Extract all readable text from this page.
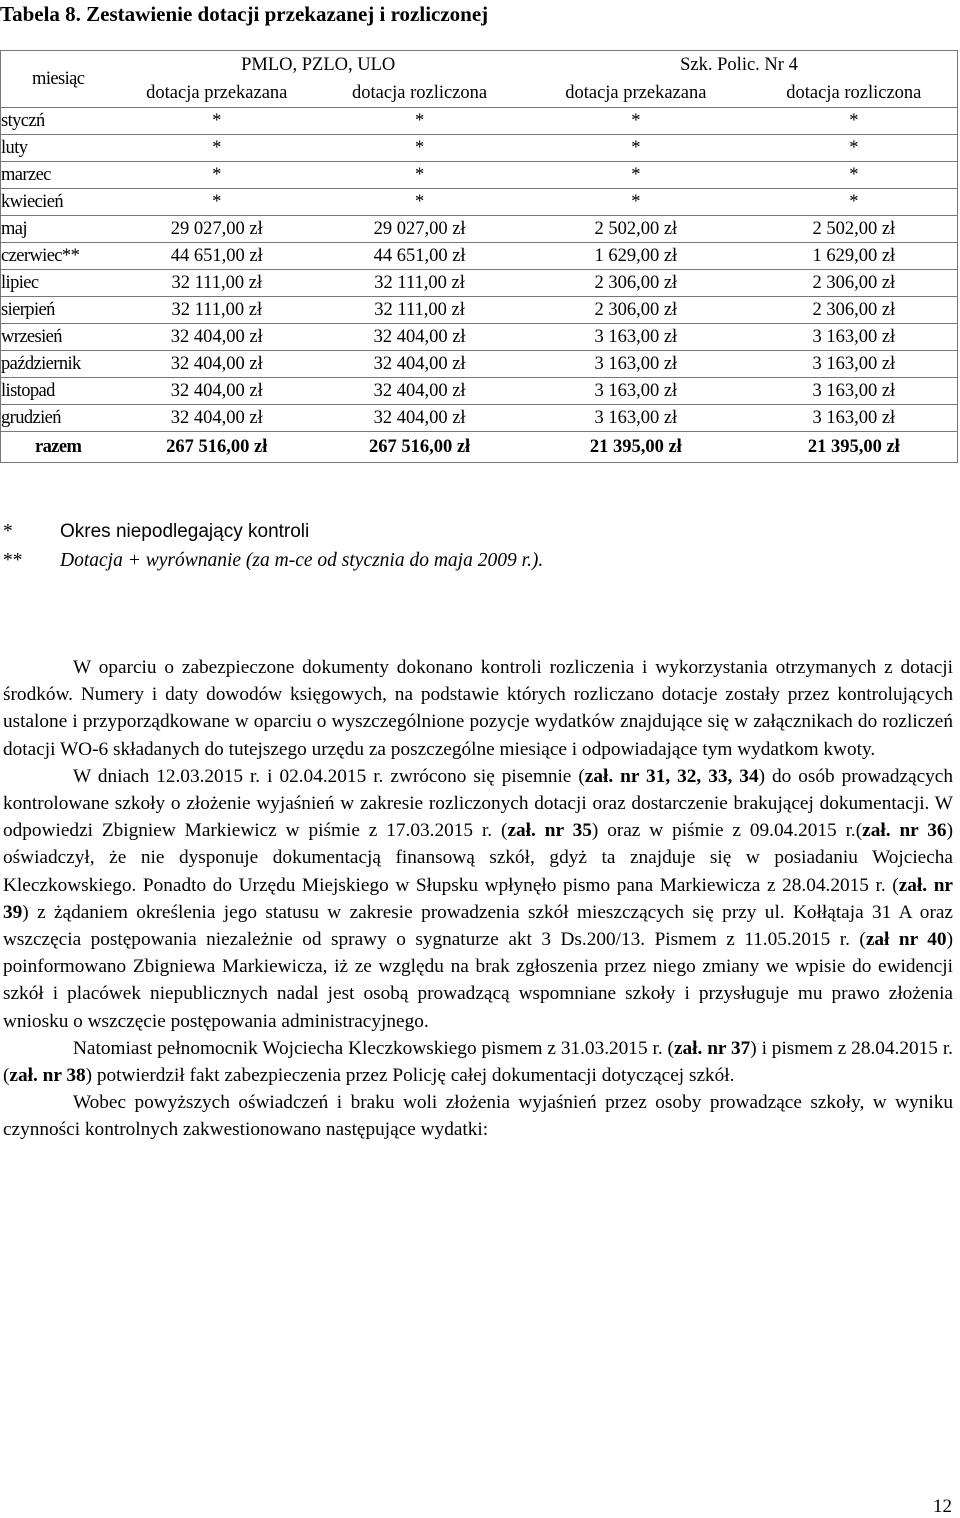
Tabela 8. Zestawienie dotacji przekazanej i rozliczonej
miesiąc	PMLO, PZLO, ULO		Szk. Polic. Nr 4	
	dotacja przekazana	dotacja rozliczona	dotacja przekazana	dotacja rozliczona
styczń	*	*	*	*
luty	*	*	*	*
marzec	*	*	*	*
kwiecień	*	*	*	*
maj	29 027,00 zł	29 027,00 zł	2 502,00 zł	2 502,00 zł
czerwiec**	44 651,00 zł	44 651,00 zł	1 629,00 zł	1 629,00 zł
lipiec	32 111,00 zł	32 111,00 zł	2 306,00 zł	2 306,00 zł
sierpień	32 111,00 zł	32 111,00 zł	2 306,00 zł	2 306,00 zł
wrzesień	32 404,00 zł	32 404,00 zł	3 163,00 zł	3 163,00 zł
październik	32 404,00 zł	32 404,00 zł	3 163,00 zł	3 163,00 zł
listopad	32 404,00 zł	32 404,00 zł	3 163,00 zł	3 163,00 zł
grudzień	32 404,00 zł	32 404,00 zł	3 163,00 zł	3 163,00 zł
razem	267 516,00 zł	267 516,00 zł	21 395,00 zł	21 395,00 zł
* Okres niepodlegający kontroli
** Dotacja + wyrównanie (za m-ce od stycznia do maja 2009 r.).

W oparciu o zabezpieczone dokumenty dokonano kontroli rozliczenia i wykorzystania otrzymanych z dotacji środków. Numery i daty dowodów księgowych, na podstawie których rozliczano dotacje zostały przez kontrolujących ustalone i przyporządkowane w oparciu o wyszczególnione pozycje wydatków znajdujące się w załącznikach do rozliczeń dotacji WO-6 składanych do tutejszego urzędu za poszczególne miesiące i odpowiadające tym wydatkom kwoty.

W dniach 12.03.2015 r. i 02.04.2015 r. zwrócono się pisemnie (zał. nr 31, 32, 33, 34) do osób prowadzących kontrolowane szkoły o złożenie wyjaśnień w zakresie rozliczonych dotacji oraz dostarczenie brakującej dokumentacji. W odpowiedzi Zbigniew Markiewicz w piśmie z 17.03.2015 r. (zał. nr 35) oraz w piśmie z 09.04.2015 r.(zał. nr 36) oświadczył, że nie dysponuje dokumentacją finansową szkół, gdyż ta znajduje się w posiadaniu Wojciecha Kleczkowskiego. Ponadto do Urzędu Miejskiego w Słupsku wpłynęło pismo pana Markiewicza z 28.04.2015 r. (zał. nr 39) z żądaniem określenia jego statusu w zakresie prowadzenia szkół mieszczących się przy ul. Kołłątaja 31 A oraz wszczęcia postępowania niezależnie od sprawy o sygnaturze akt 3 Ds.200/13. Pismem z 11.05.2015 r. (zał nr 40) poinformowano Zbigniewa Markiewicza, iż ze względu na brak zgłoszenia przez niego zmiany we wpisie do ewidencji szkół i placówek niepublicznych nadal jest osobą prowadzącą wspomniane szkoły i przysługuje mu prawo złożenia wniosku o wszczęcie postępowania administracyjnego.

Natomiast pełnomocnik Wojciecha Kleczkowskiego pismem z 31.03.2015 r. (zał. nr 37) i pismem z 28.04.2015 r. (zał. nr 38) potwierdził fakt zabezpieczenia przez Policję całej dokumentacji dotyczącej szkół.

Wobec powyższych oświadczeń i braku woli złożenia wyjaśnień przez osoby prowadzące szkoły, w wyniku czynności kontrolnych zakwestionowano następujące wydatki:

12
